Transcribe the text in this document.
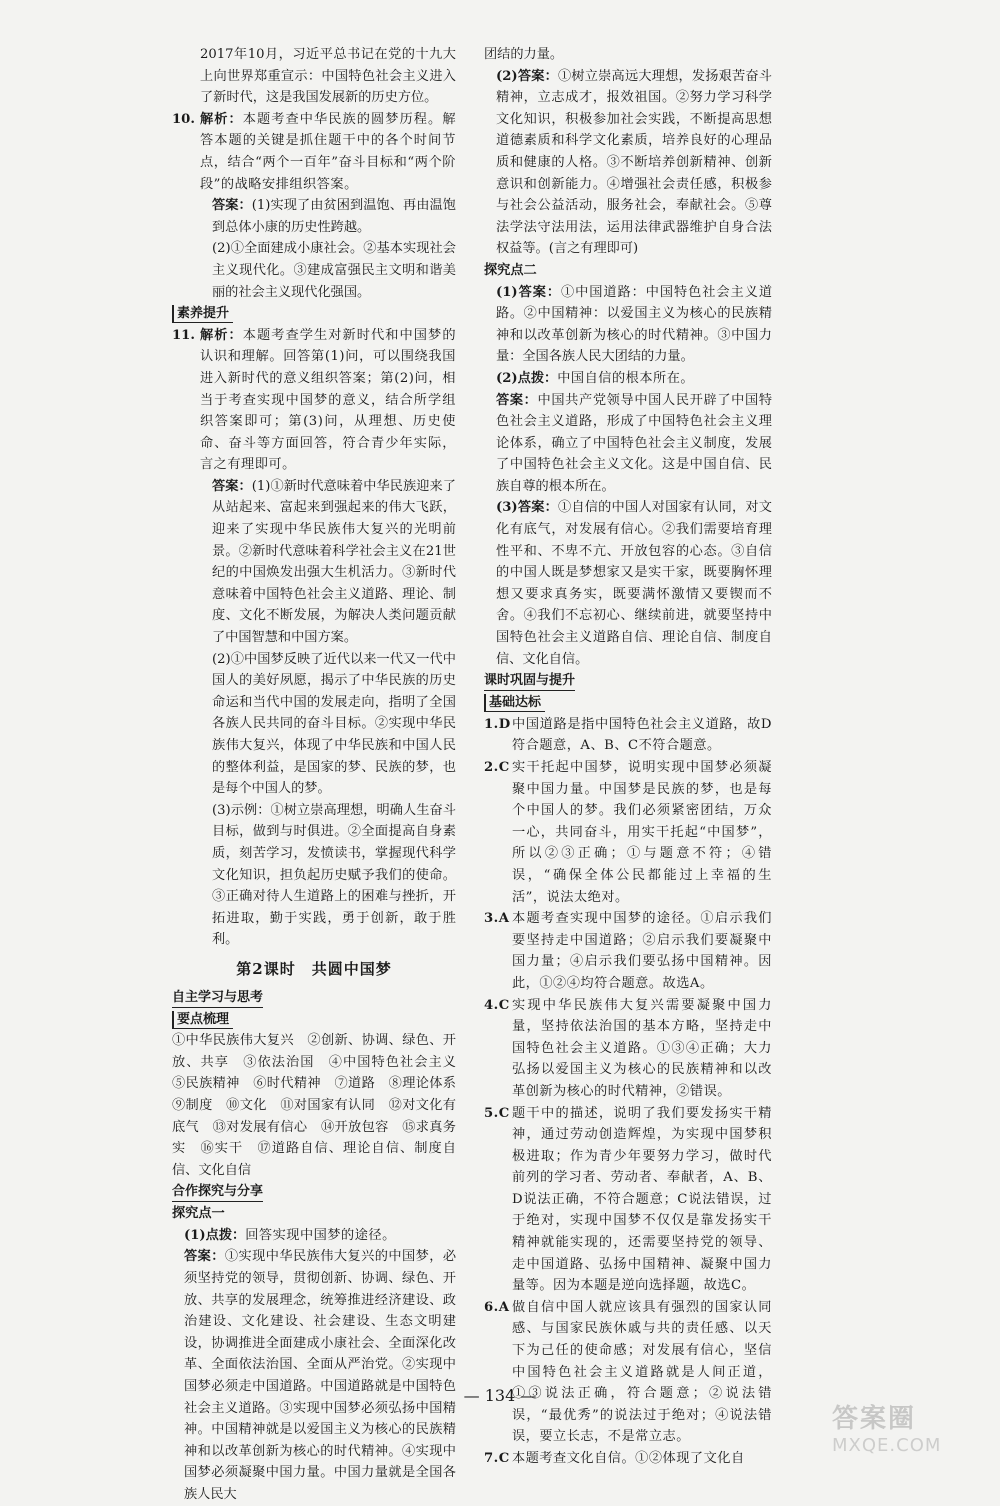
2017年10月，习近平总书记在党的十九大上向世界郑重宣示：中国特色社会主义进入了新时代，这是我国发展新的历史方位。

10. 解析：本题考查中华民族的圆梦历程。解答本题的关键是抓住题干中的各个时间节点，结合“两个一百年”奋斗目标和“两个阶段”的战略安排组织答案。

答案：(1)实现了由贫困到温饱、再由温饱到总体小康的历史性跨越。

(2)①全面建成小康社会。②基本实现社会主义现代化。③建成富强民主文明和谐美丽的社会主义现代化强国。

素养提升
11. 解析：本题考查学生对新时代和中国梦的认识和理解。回答第(1)问，可以围绕我国进入新时代的意义组织答案；第(2)问，相当于考查实现中国梦的意义，结合所学组织答案即可；第(3)问，从理想、历史使命、奋斗等方面回答，符合青少年实际，言之有理即可。

答案：(1)①新时代意味着中华民族迎来了从站起来、富起来到强起来的伟大飞跃，迎来了实现中华民族伟大复兴的光明前景。②新时代意味着科学社会主义在21世纪的中国焕发出强大生机活力。③新时代意味着中国特色社会主义道路、理论、制度、文化不断发展，为解决人类问题贡献了中国智慧和中国方案。

(2)①中国梦反映了近代以来一代又一代中国人的美好夙愿，揭示了中华民族的历史命运和当代中国的发展走向，指明了全国各族人民共同的奋斗目标。②实现中华民族伟大复兴，体现了中华民族和中国人民的整体利益，是国家的梦、民族的梦，也是每个中国人的梦。

(3)示例：①树立崇高理想，明确人生奋斗目标，做到与时俱进。②全面提高自身素质，刻苦学习，发愤读书，掌握现代科学文化知识，担负起历史赋予我们的使命。③正确对待人生道路上的困难与挫折，开拓进取，勤于实践，勇于创新，敢于胜利。

第2课时　共圆中国梦
自主学习与思考
要点梳理

①中华民族伟大复兴　②创新、协调、绿色、开放、共享　③依法治国　④中国特色社会主义　⑤民族精神　⑥时代精神　⑦道路　⑧理论体系　⑨制度　⑩文化　⑪对国家有认同　⑫对文化有底气　⑬对发展有信心　⑭开放包容　⑮求真务实　⑯实干　⑰道路自信、理论自信、制度自信、文化自信

合作探究与分享

探究点一

(1)点拨：回答实现中国梦的途径。

答案：①实现中华民族伟大复兴的中国梦，必须坚持党的领导，贯彻创新、协调、绿色、开放、共享的发展理念，统筹推进经济建设、政治建设、文化建设、社会建设、生态文明建设，协调推进全面建成小康社会、全面深化改革、全面依法治国、全面从严治党。②实现中国梦必须走中国道路。中国道路就是中国特色社会主义道路。③实现中国梦必须弘扬中国精神。中国精神就是以爱国主义为核心的民族精神和以改革创新为核心的时代精神。④实现中国梦必须凝聚中国力量。中国力量就是全国各族人民大

团结的力量。

(2)答案：①树立崇高远大理想，发扬艰苦奋斗精神，立志成才，报效祖国。②努力学习科学文化知识，积极参加社会实践，不断提高思想道德素质和科学文化素质，培养良好的心理品质和健康的人格。③不断培养创新精神、创新意识和创新能力。④增强社会责任感，积极参与社会公益活动，服务社会，奉献社会。⑤尊法学法守法用法，运用法律武器维护自身合法权益等。(言之有理即可)

探究点二

(1)答案：①中国道路：中国特色社会主义道路。②中国精神：以爱国主义为核心的民族精神和以改革创新为核心的时代精神。③中国力量：全国各族人民大团结的力量。

(2)点拨：中国自信的根本所在。

答案：中国共产党领导中国人民开辟了中国特色社会主义道路，形成了中国特色社会主义理论体系，确立了中国特色社会主义制度，发展了中国特色社会主义文化。这是中国自信、民族自尊的根本所在。

(3)答案：①自信的中国人对国家有认同，对文化有底气，对发展有信心。②我们需要培育理性平和、不卑不亢、开放包容的心态。③自信的中国人既是梦想家又是实干家，既要胸怀理想又要求真务实，既要满怀激情又要锲而不舍。④我们不忘初心、继续前进，就要坚持中国特色社会主义道路自信、理论自信、制度自信、文化自信。

课时巩固与提升
基础达标
1.D 中国道路是指中国特色社会主义道路，故D符合题意，A、B、C不符合题意。
2.C 实干托起中国梦，说明实现中国梦必须凝聚中国力量。中国梦是民族的梦，也是每个中国人的梦。我们必须紧密团结，万众一心，共同奋斗，用实干托起“中国梦”，所以②③正确；①与题意不符；④错误，“确保全体公民都能过上幸福的生活”，说法太绝对。
3.A 本题考查实现中国梦的途径。①启示我们要坚持走中国道路；②启示我们要凝聚中国力量；④启示我们要弘扬中国精神。因此，①②④均符合题意。故选A。
4.C 实现中华民族伟大复兴需要凝聚中国力量，坚持依法治国的基本方略，坚持走中国特色社会主义道路。①③④正确；大力弘扬以爱国主义为核心的民族精神和以改革创新为核心的时代精神，②错误。
5.C 题干中的描述，说明了我们要发扬实干精神，通过劳动创造辉煌，为实现中国梦积极进取；作为青少年要努力学习，做时代前列的学习者、劳动者、奉献者，A、B、D说法正确，不符合题意；C说法错误，过于绝对，实现中国梦不仅仅是靠发扬实干精神就能实现的，还需要坚持党的领导、走中国道路、弘扬中国精神、凝聚中国力量等。因为本题是逆向选择题，故选C。
6.A 做自信中国人就应该具有强烈的国家认同感、与国家民族休戚与共的责任感、以天下为己任的使命感；对发展有信心，坚信中国特色社会主义道路就是人间正道，①③说法正确，符合题意；②说法错误，“最优秀”的说法过于绝对；④说法错误，要立长志，不是常立志。
7.C 本题考查文化自信。①②体现了文化自
— 134 —
答案圈
MXQE.COM
